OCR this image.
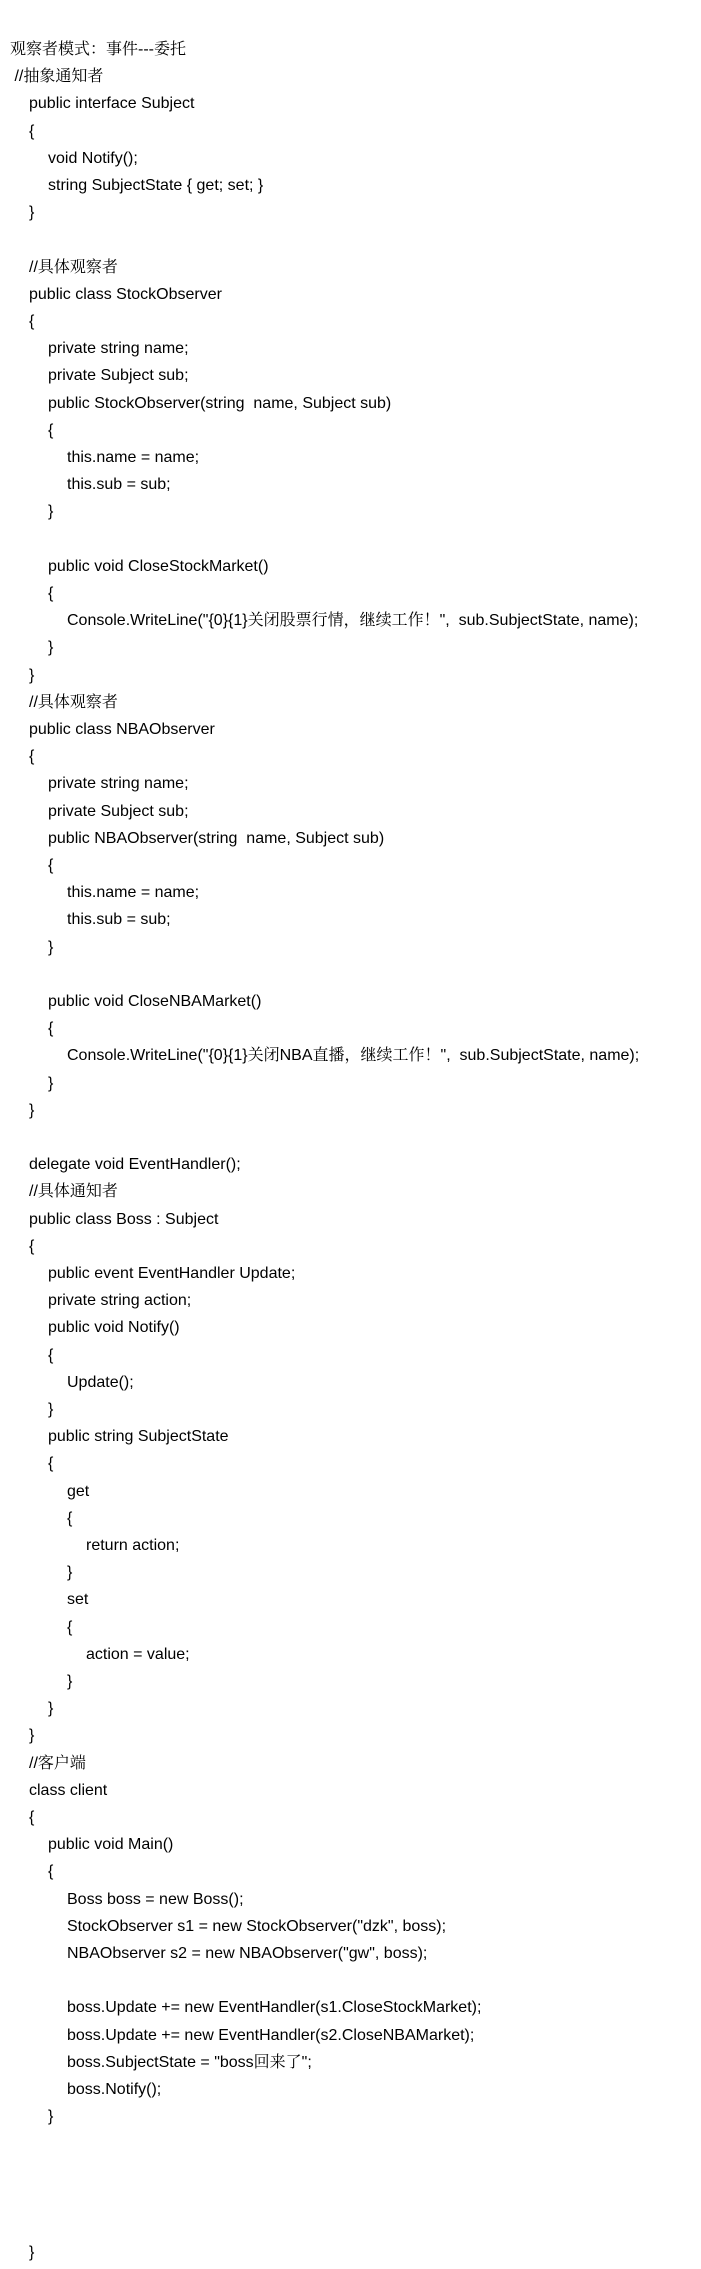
观察者模式：事件---委托
//抽象通知者
public interface Subject
{
void Notify();
string SubjectState { get; set; }
}
//具体观察者
public class StockObserver
{
private string name;
private Subject sub;
public StockObserver(string  name, Subject sub)
{
this.name = name;
this.sub = sub;
}
public void CloseStockMarket()
{
Console.WriteLine("{0}{1}关闭股票行情，继续工作！",  sub.SubjectState, name);
}
}
//具体观察者
public class NBAObserver
{
private string name;
private Subject sub;
public NBAObserver(string  name, Subject sub)
{
this.name = name;
this.sub = sub;
}
public void CloseNBAMarket()
{
Console.WriteLine("{0}{1}关闭NBA直播，继续工作！",  sub.SubjectState, name);
}
}
delegate void EventHandler();
//具体通知者
public class Boss : Subject
{
public event EventHandler Update;
private string action;
public void Notify()
{
Update();
}
public string SubjectState
{
get
{
return action;
}
set
{
action = value;
}
}
}
//客户端
class client
{
public void Main()
{
Boss boss = new Boss();
StockObserver s1 = new StockObserver("dzk", boss);
NBAObserver s2 = new NBAObserver("gw", boss);
boss.Update += new EventHandler(s1.CloseStockMarket);
boss.Update += new EventHandler(s2.CloseNBAMarket);
boss.SubjectState = "boss回来了";
boss.Notify();
}
}
